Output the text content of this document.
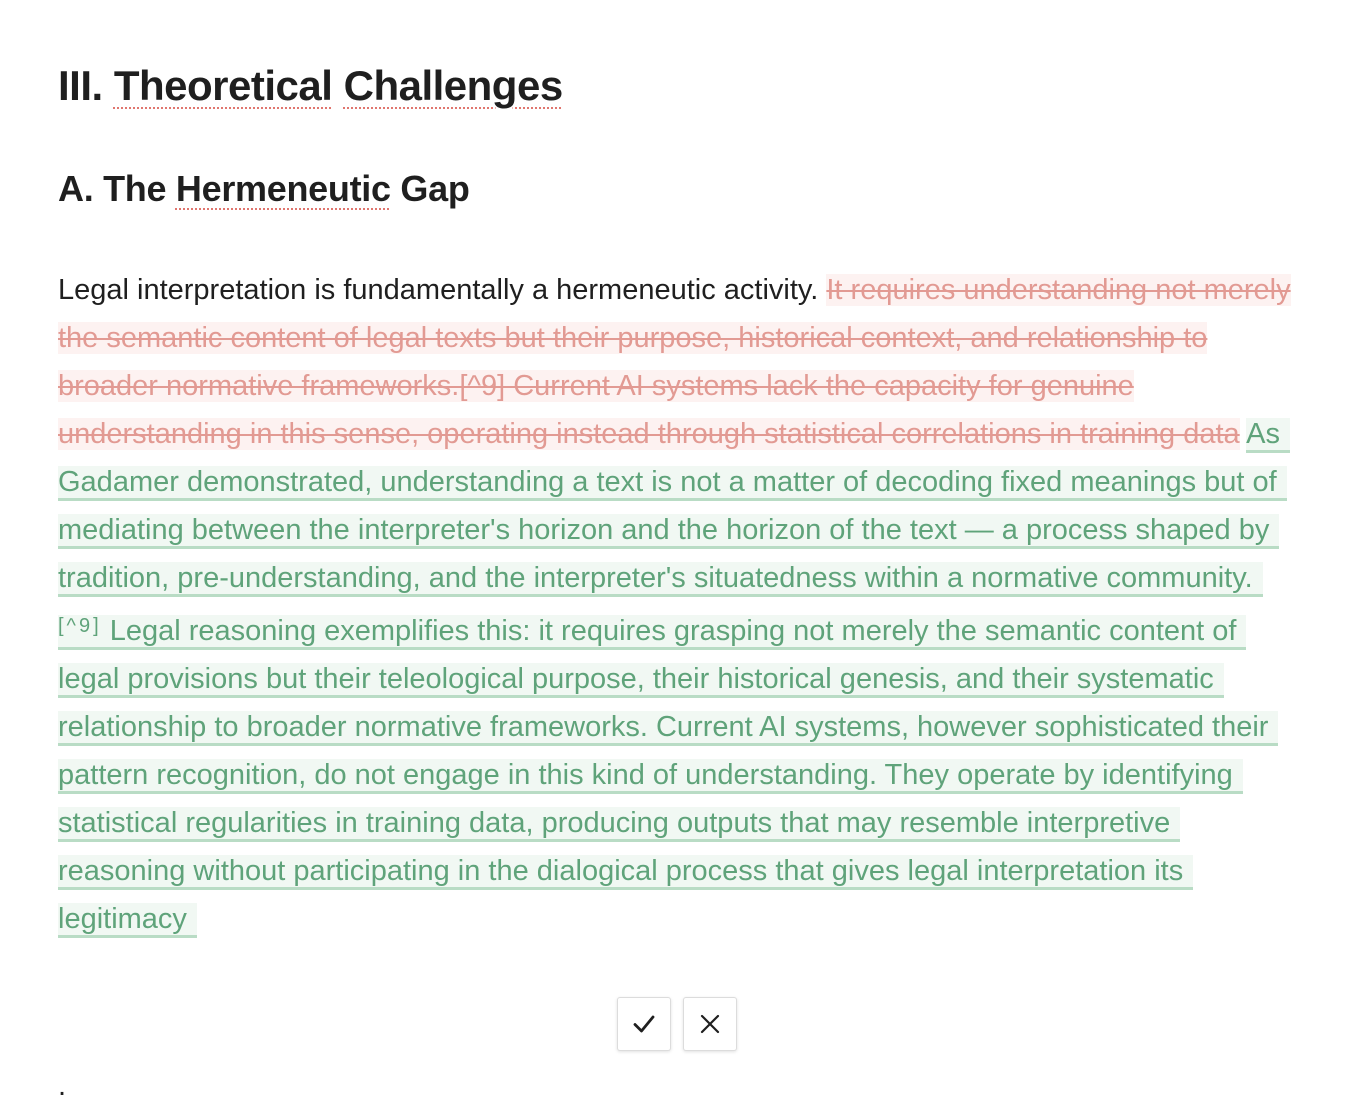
III. Theoretical Challenges
A. The Hermeneutic Gap

Legal interpretation is fundamentally a hermeneutic activity. It requires understanding not merely the semantic content of legal texts but their purpose, historical context, and relationship to broader normative frameworks.[^9] Current AI systems lack the capacity for genuine understanding in this sense, operating instead through statistical correlations in training data As Gadamer demonstrated, understanding a text is not a matter of decoding fixed meanings but of mediating between the interpreter's horizon and the horizon of the text — a process shaped by tradition, pre-understanding, and the interpreter's situatedness within a normative community. [^9] Legal reasoning exemplifies this: it requires grasping not merely the semantic content of legal provisions but their teleological purpose, their historical genesis, and their systematic relationship to broader normative frameworks. Current AI systems, however sophisticated their pattern recognition, do not engage in this kind of understanding. They operate by identifying statistical regularities in training data, producing outputs that may resemble interpretive reasoning without participating in the dialogical process that gives legal interpretation its legitimacy

.
